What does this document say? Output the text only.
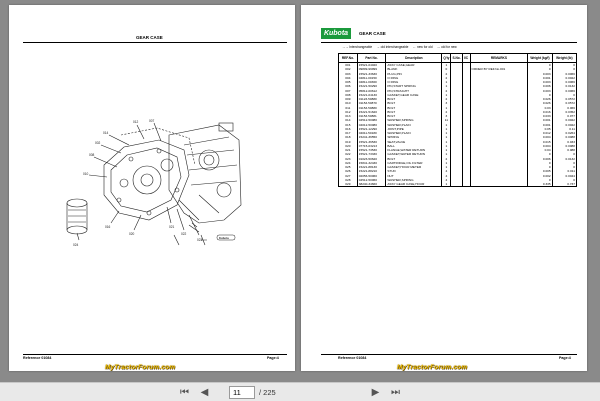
GEAR CASE
008
010
002
014
012	007
021
022
023
024
016
020
Kubota
Reference 01084	Page:4
MyTractorForum.com
Kubota	GEAR CASE
→→ Interchangeable → old interchangeable ← new for old ↔ old for new
REF.No.	Part No.	Description	Q'ty	S.No.	I/C	REMARKS	Weight (kg/f)	Weight (lb)
001	15521-04020	ASSY CASE,GEAR	1				0	0
002	09809-99999	BLANK	0			ORDER BY REF.No.001	0	0
003	15521-33630	PLUG,PIN	2				0.003	0.0066
004	04811-00150	O RING	2				0.001	0.0022
005	04811-00360	O RING	1				0.003	0.0066
006	15221-50290	PIN,START SPRING	1				0.006	0.0132
007	05812-00612	PIN,STRAIGHT	2				0.003	0.0066
008	15221-04130	GASKET,GEAR CASE	1				0	0
009	01123-50880	BOLT	2				0.026	0.0572
010	01153-50870	BOLT	3				0.026	0.0572
011	01153-50880	BOLT	1				0.03	0.066
012	15221-51620	BOLT	2				0.016	0.0352
013	01153-50881	BOLT	3				0.033	0.077
014	04512-50080	WASHER,SPRING	11				0.001	0.0022
015	04012-50080	WASHER,PLAIN	1				0.001	0.0022
016	15521-12290	JOINT,PIPE	1				0.05	0.11
017	04011-50180	WASHER,PLAIN	1				0.012	0.0264
018	15241-36550	SPRING	1				0.004	0.0088
019	15521-36530	SEAT,VALVE	1				0.015	0.033
020	07715-03213	BALL	1				0.004	0.0088
021	15521-73530	FLANGE,WATER RETURN	1				0.04	0.088
022	15521-73330	GASKET,WATER RETURN	1				0	0
023	01023-50620	BOLT	2				0.006	0.0132
024	15841-32430	CARTRIDGE,OIL FILTER	1				0	0
025	15221-88130	GASKET,HOUR METER	1				0	0
026	15221-88210	STUD	4				0.005	0.011
027	02056-50060	NUT	4				0.002	0.0044
028	04512-50060	WASHER,SPRING	4				0	0
029	38240-34660	ASSY GEAR CASE,HOUR	1				0.335	0.737
Reference 01084	Page:4
MyTractorForum.com
⏮ ◀	11	/ 225	▶ ⏭
